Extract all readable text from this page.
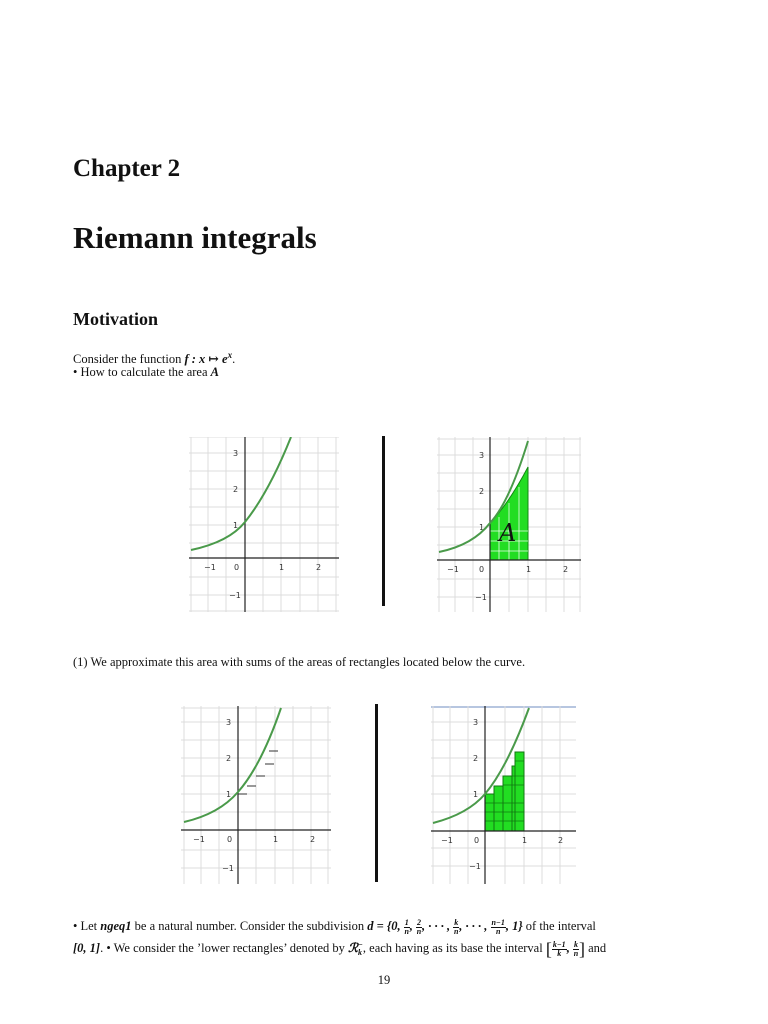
Chapter 2
Riemann integrals
Motivation
Consider the function f : x ↦ $e^x$.
• How to calculate the area A
−1 0	1	2
3
2
1
−1
−1	0	1	2
3
2
1
−1
A
(1) We approximate this area with sums of the areas of rectangles located below the curve.
−1	0	1	2
3
2
1
−1
−1	0	1	2
3
2
1
−1
• Let ngeq1 be a natural number. Consider the subdivision d = {0, $\frac{1}{n}$ , $\frac{2}{n}$ , · · · , $\frac{k}{n}$ , · · · , $\frac{n-1}{n}$ , 1} of the interval
[0, 1]. • We consider the ’lower rectangles’ denoted by ℛ −
k , each having as its base the interval [ $\frac{k-1}{k}$ , $\frac{k}{n}$ ] and
19
